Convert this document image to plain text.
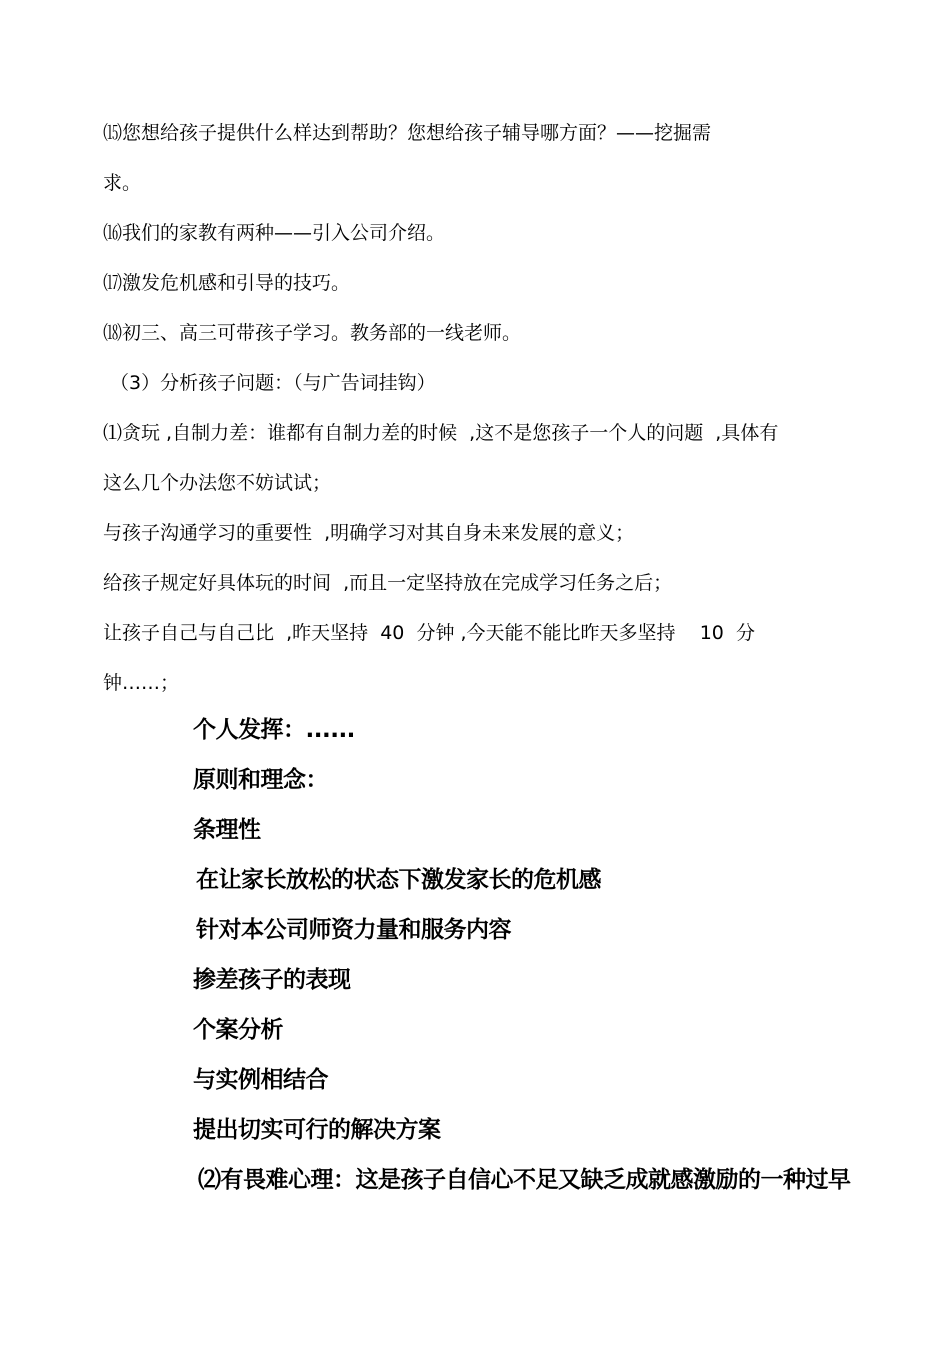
⒂您想给孩子提供什么样达到帮助？您想给孩子辅导哪方面？——挖掘需
求。
⒃我们的家教有两种——引入公司介绍。
⒄激发危机感和引导的技巧。
⒅初三、高三可带孩子学习。教务部的一线老师。
（3）分析孩子问题：（与广告词挂钩）
⑴贪玩 ,自制力差：谁都有自制力差的时候  ,这不是您孩子一个人的问题  ,具体有
这么几个办法您不妨试试；
与孩子沟通学习的重要性  ,明确学习对其自身未来发展的意义；
给孩子规定好具体玩的时间  ,而且一定坚持放在完成学习任务之后；
让孩子自己与自己比  ,昨天坚持  40  分钟 ,今天能不能比昨天多坚持    10  分
钟……；
个人发挥：......
原则和理念：
条理性
在让家长放松的状态下激发家长的危机感
针对本公司师资力量和服务内容
掺差孩子的表现
个案分析
与实例相结合
提出切实可行的解决方案
⑵有畏难心理：这是孩子自信心不足又缺乏成就感激励的一种过早
